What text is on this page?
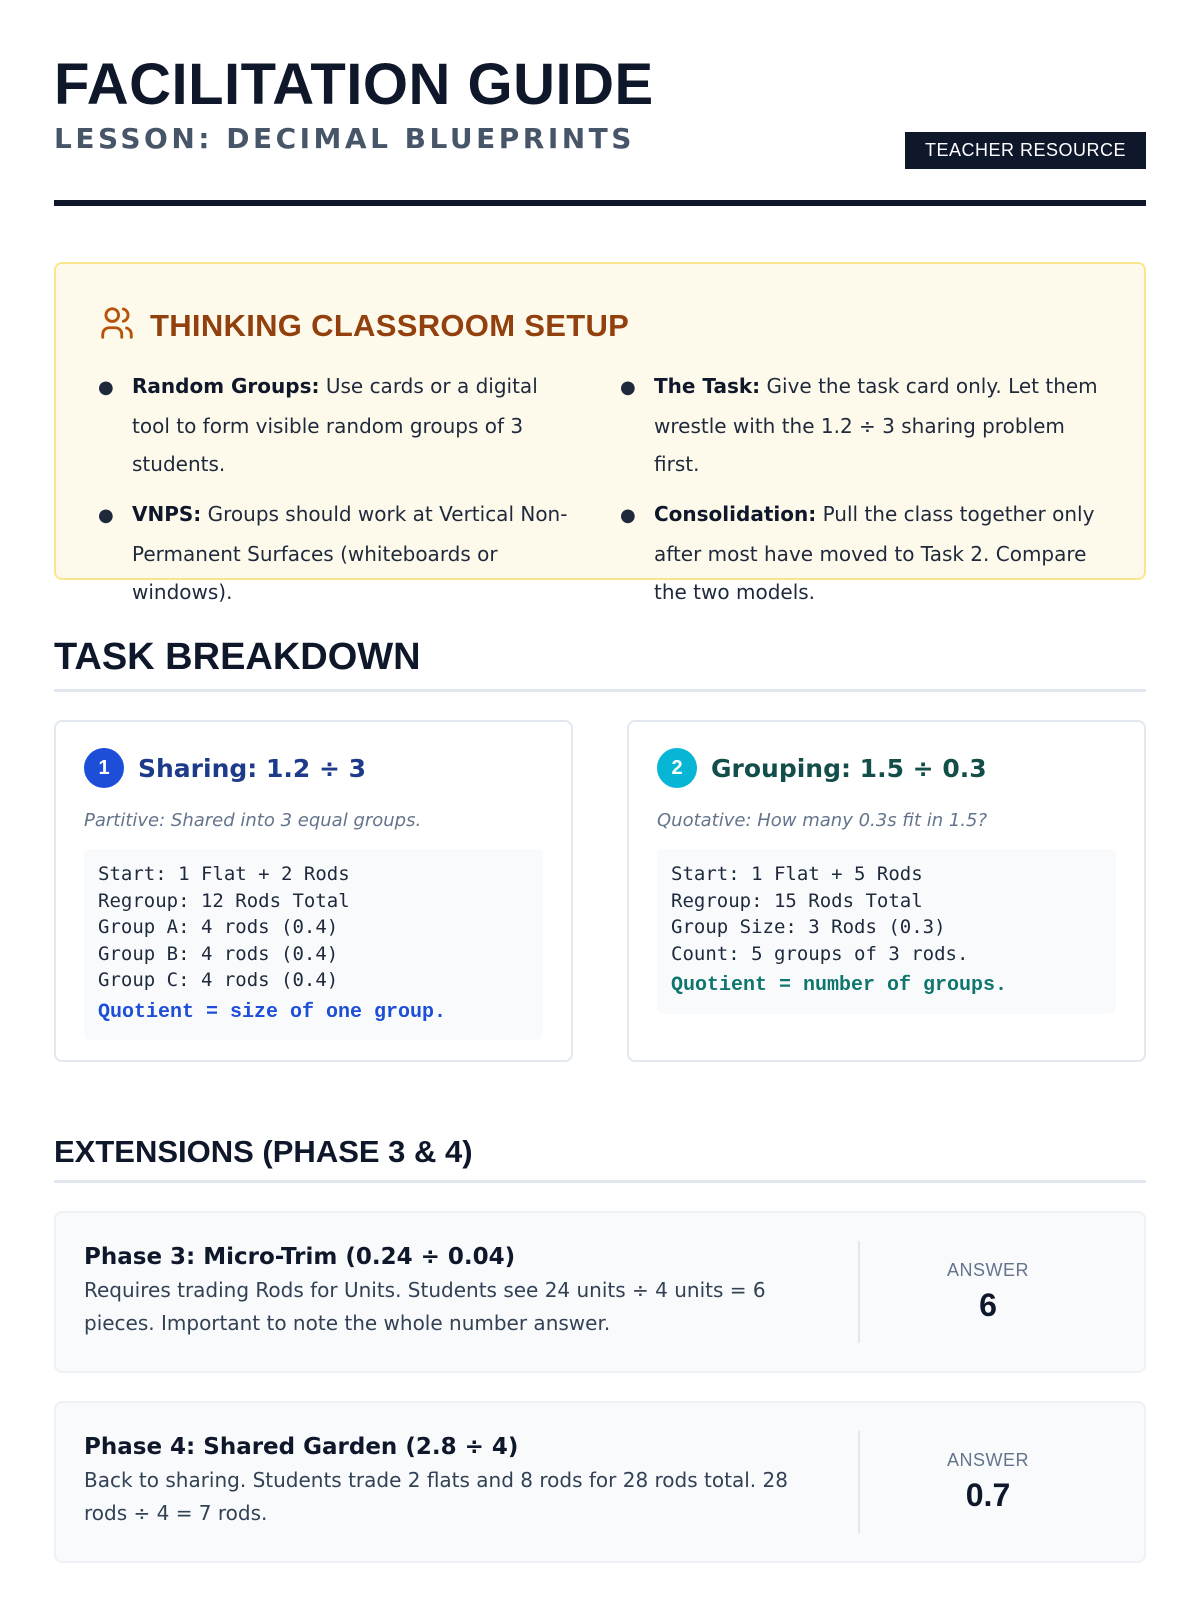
FACILITATION GUIDE
LESSON: DECIMAL BLUEPRINTS	TEACHER RESOURCE
THINKING CLASSROOM SETUP
● Random Groups: Use cards or a digital tool to form visible random groups of 3 students.
● VNPS: Groups should work at Vertical Non-Permanent Surfaces (whiteboards or windows).
● The Task: Give the task card only. Let them wrestle with the 1.2 ÷ 3 sharing problem first.
● Consolidation: Pull the class together only after most have moved to Task 2. Compare the two models.
TASK BREAKDOWN
1	Sharing: 1.2 ÷ 3
Partitive: Shared into 3 equal groups.
Start: 1 Flat + 2 Rods
Regroup: 12 Rods Total
Group A: 4 rods (0.4)
Group B: 4 rods (0.4)
Group C: 4 rods (0.4)
Quotient = size of one group.
2	Grouping: 1.5 ÷ 0.3
Quotative: How many 0.3s fit in 1.5?
Start: 1 Flat + 5 Rods
Regroup: 15 Rods Total
Group Size: 3 Rods (0.3)
Count: 5 groups of 3 rods.
Quotient = number of groups.
EXTENSIONS (PHASE 3 & 4)
Phase 3: Micro-Trim (0.24 ÷ 0.04)
Requires trading Rods for Units. Students see 24 units ÷ 4 units = 6 pieces. Important to note the whole number answer.
ANSWER
6
Phase 4: Shared Garden (2.8 ÷ 4)
Back to sharing. Students trade 2 flats and 8 rods for 28 rods total. 28 rods ÷ 4 = 7 rods.
ANSWER
0.7
